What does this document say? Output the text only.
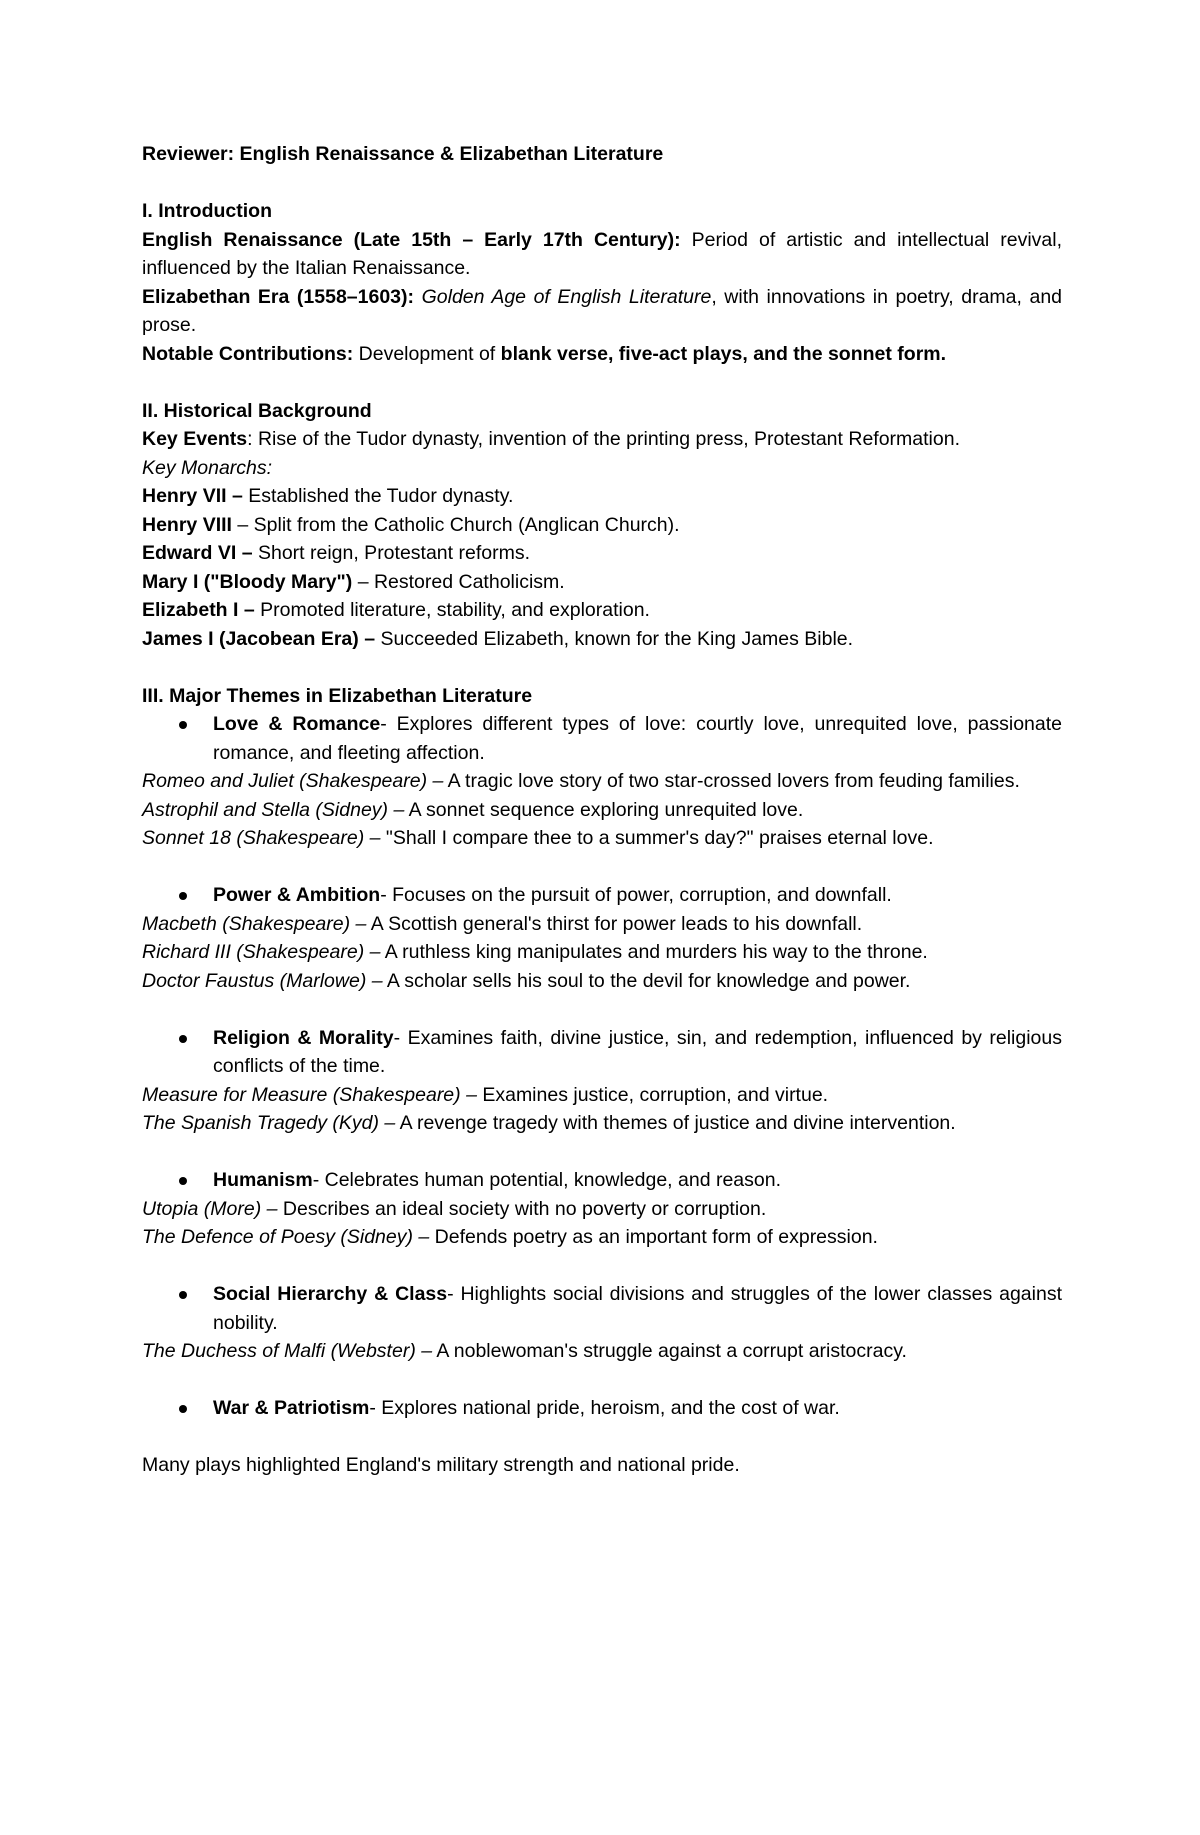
Reviewer: English Renaissance & Elizabethan Literature

I. Introduction

English Renaissance (Late 15th – Early 17th Century): Period of artistic and intellectual revival, influenced by the Italian Renaissance.

Elizabethan Era (1558–1603): Golden Age of English Literature, with innovations in poetry, drama, and prose.

Notable Contributions: Development of blank verse, five-act plays, and the sonnet form.

II. Historical Background

Key Events: Rise of the Tudor dynasty, invention of the printing press, Protestant Reformation.

Key Monarchs:

Henry VII – Established the Tudor dynasty.

Henry VIII – Split from the Catholic Church (Anglican Church).

Edward VI – Short reign, Protestant reforms.

Mary I ("Bloody Mary") – Restored Catholicism.

Elizabeth I – Promoted literature, stability, and exploration.

James I (Jacobean Era) – Succeeded Elizabeth, known for the King James Bible.

III. Major Themes in Elizabethan Literature

Love & Romance- Explores different types of love: courtly love, unrequited love, passionate romance, and fleeting affection.

Romeo and Juliet (Shakespeare) – A tragic love story of two star-crossed lovers from feuding families.

Astrophil and Stella (Sidney) – A sonnet sequence exploring unrequited love.

Sonnet 18 (Shakespeare) – "Shall I compare thee to a summer's day?" praises eternal love.

Power & Ambition- Focuses on the pursuit of power, corruption, and downfall.

Macbeth (Shakespeare) – A Scottish general's thirst for power leads to his downfall.

Richard III (Shakespeare) – A ruthless king manipulates and murders his way to the throne.

Doctor Faustus (Marlowe) – A scholar sells his soul to the devil for knowledge and power.

Religion & Morality- Examines faith, divine justice, sin, and redemption, influenced by religious conflicts of the time.

Measure for Measure (Shakespeare) – Examines justice, corruption, and virtue.

The Spanish Tragedy (Kyd) – A revenge tragedy with themes of justice and divine intervention.

Humanism- Celebrates human potential, knowledge, and reason.

Utopia (More) – Describes an ideal society with no poverty or corruption.

The Defence of Poesy (Sidney) – Defends poetry as an important form of expression.

Social Hierarchy & Class- Highlights social divisions and struggles of the lower classes against nobility.

The Duchess of Malfi (Webster) – A noblewoman's struggle against a corrupt aristocracy.

War & Patriotism- Explores national pride, heroism, and the cost of war.

Many plays highlighted England's military strength and national pride.
